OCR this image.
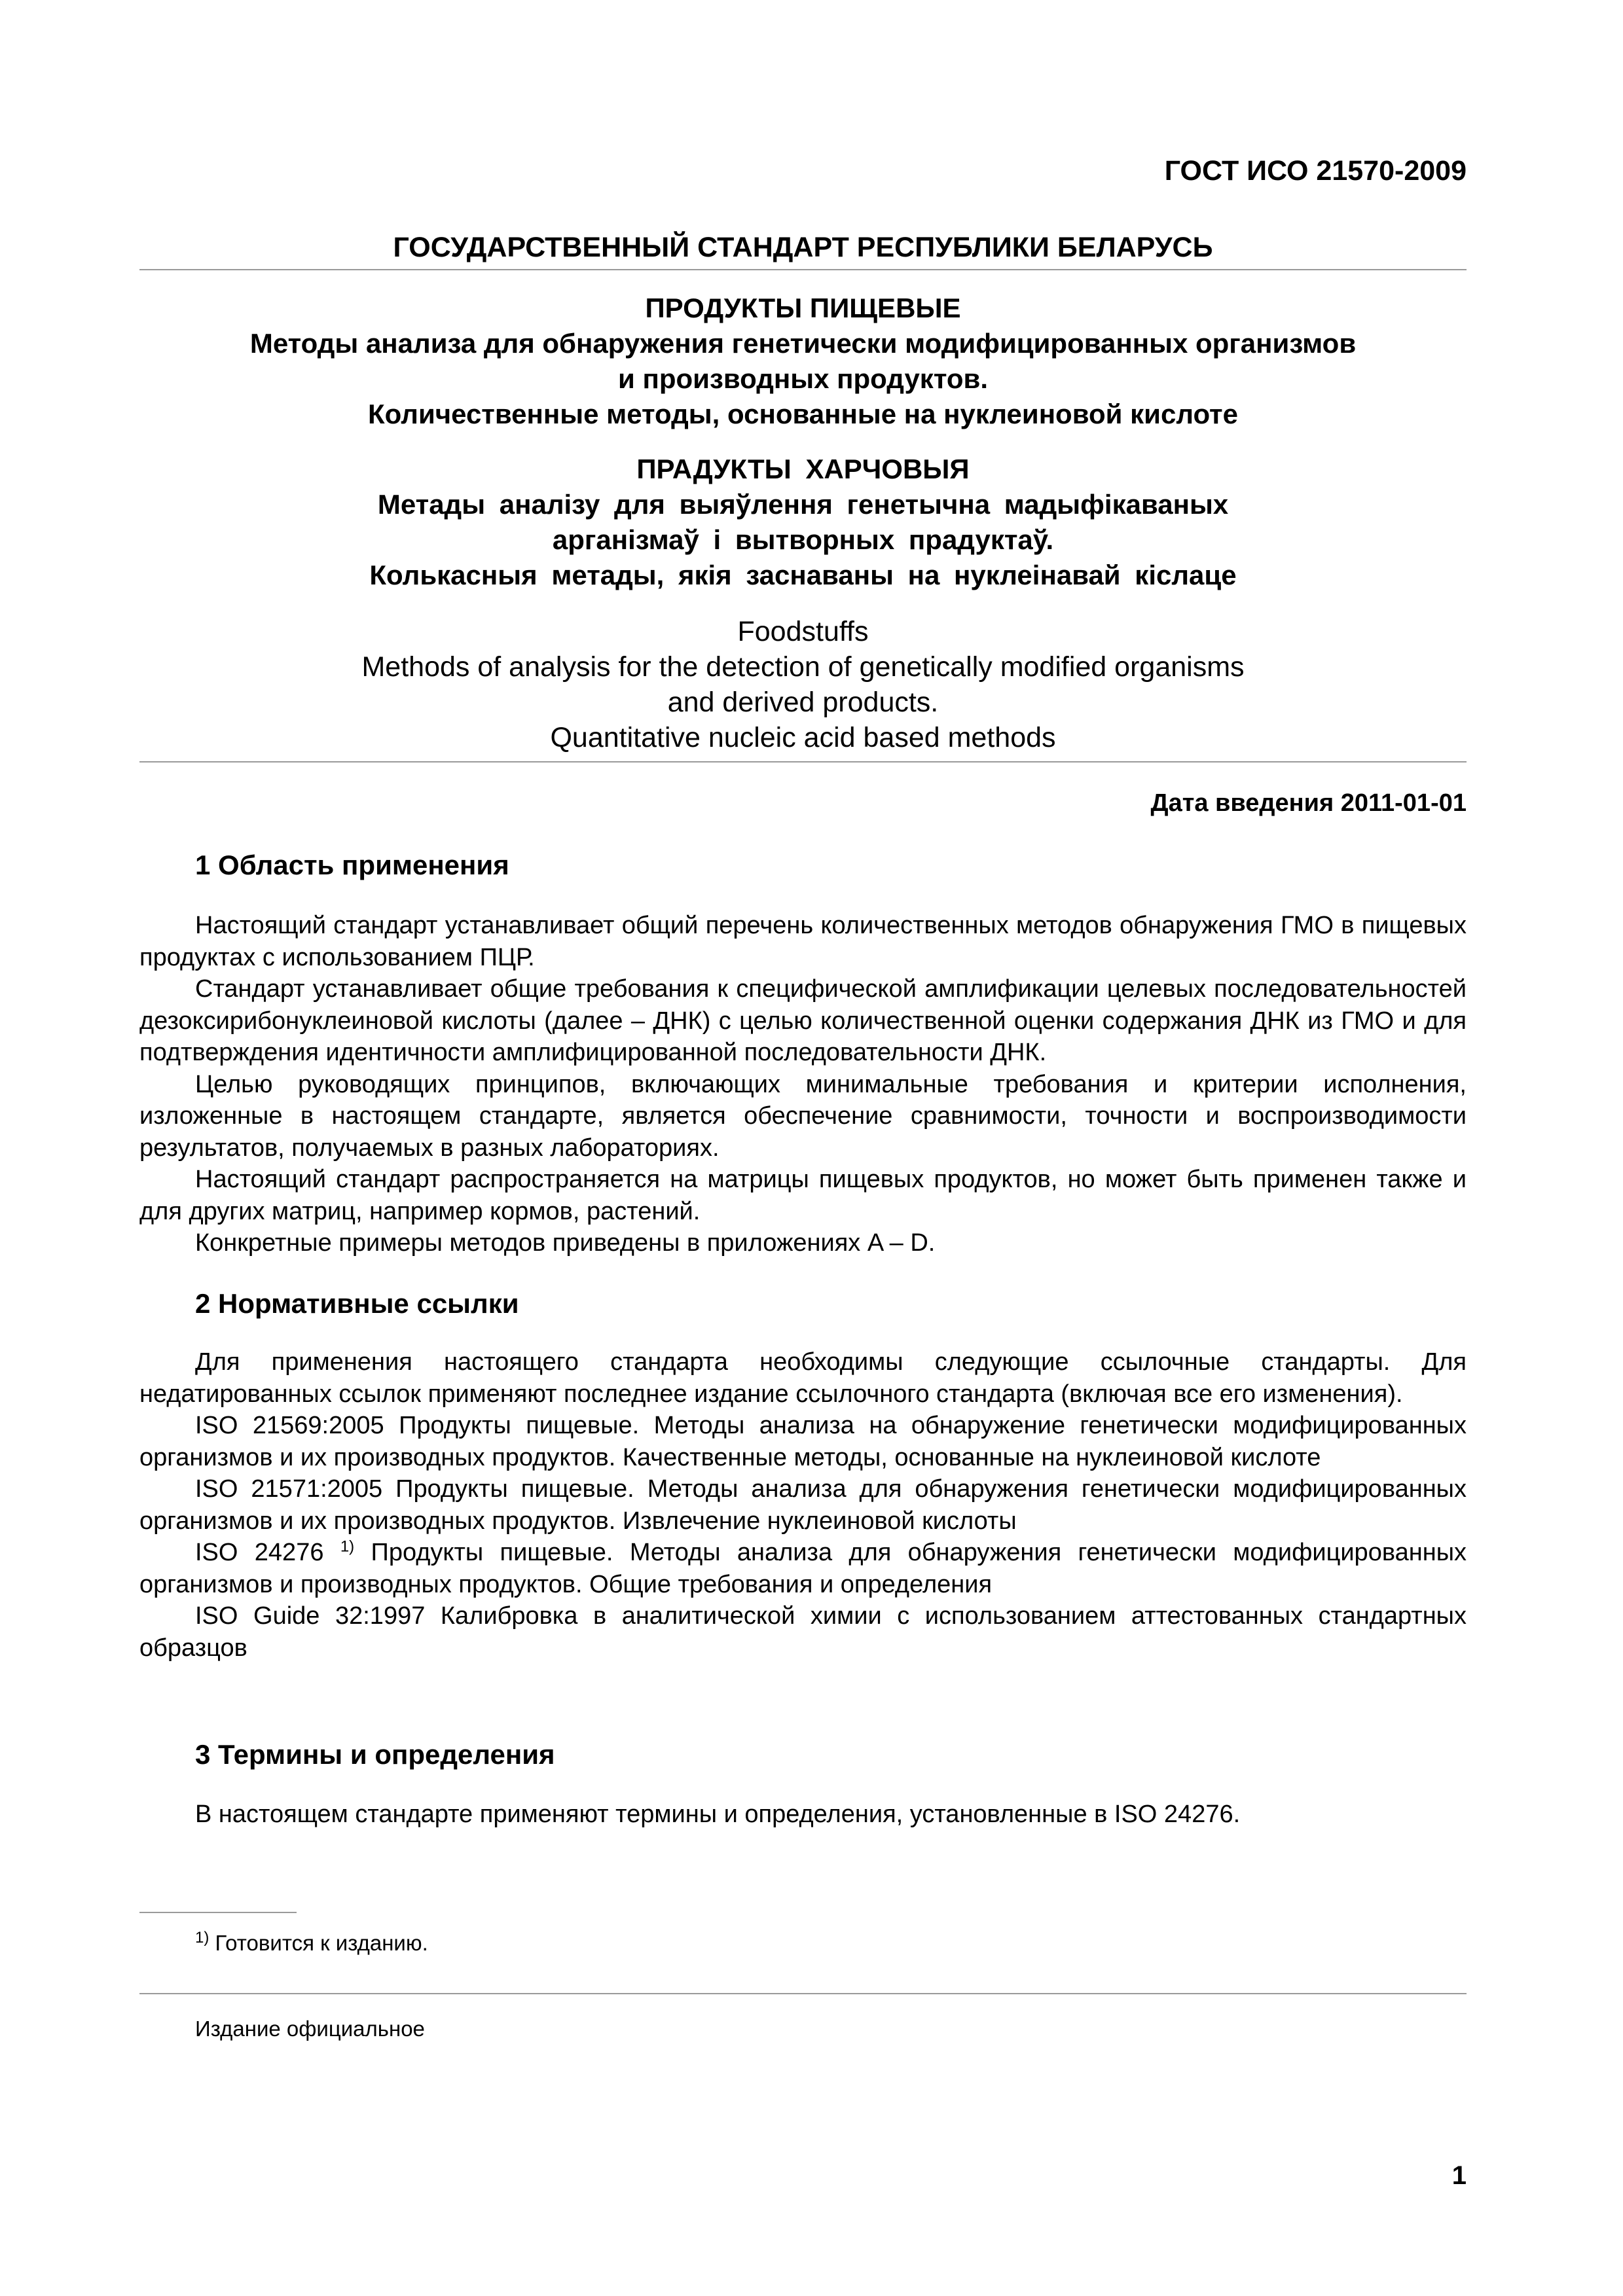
ГОСТ ИСО 21570-2009
ГОСУДАРСТВЕННЫЙ СТАНДАРТ РЕСПУБЛИКИ БЕЛАРУСЬ
ПРОДУКТЫ ПИЩЕВЫЕ
Методы анализа для обнаружения генетически модифицированных организмов
и производных продуктов.
Количественные методы, основанные на нуклеиновой кислоте
ПРАДУКТЫ ХАРЧОВЫЯ
Метады аналізу для выяўлення генетычна мадыфікаваных
арганізмаў і вытворных прадуктаў.
Колькасныя метады, якія заснаваны на нуклеінавай кіслаце
Foodstuffs
Methods of analysis for the detection of genetically modified organisms
and derived products.
Quantitative nucleic acid based methods
Дата введения 2011-01-01
1 Область применения

Настоящий стандарт устанавливает общий перечень количественных методов обнаружения ГМО в пищевых продуктах с использованием ПЦР.

Стандарт устанавливает общие требования к специфической амплификации целевых последовательностей дезоксирибонуклеиновой кислоты (далее – ДНК) с целью количественной оценки содержания ДНК из ГМО и для подтверждения идентичности амплифицированной последовательности ДНК.

Целью руководящих принципов, включающих минимальные требования и критерии исполнения, изложенные в настоящем стандарте, является обеспечение сравнимости, точности и воспроизводимости результатов, получаемых в разных лабораториях.

Настоящий стандарт распространяется на матрицы пищевых продуктов, но может быть применен также и для других матриц, например кормов, растений.

Конкретные примеры методов приведены в приложениях A – D.

2 Нормативные ссылки

Для применения настоящего стандарта необходимы следующие ссылочные стандарты. Для недатированных ссылок применяют последнее издание ссылочного стандарта (включая все его изменения).

ISO 21569:2005 Продукты пищевые. Методы анализа на обнаружение генетически модифицированных организмов и их производных продуктов. Качественные методы, основанные на нуклеиновой кислоте

ISO 21571:2005 Продукты пищевые. Методы анализа для обнаружения генетически модифицированных организмов и их производных продуктов. Извлечение нуклеиновой кислоты

ISO 24276 $^{1)}$ Продукты пищевые. Методы анализа для обнаружения генетически модифицированных организмов и производных продуктов. Общие требования и определения

ISO Guide 32:1997 Калибровка в аналитической химии с использованием аттестованных стандартных образцов

3 Термины и определения

В настоящем стандарте применяют термины и определения, установленные в ISO 24276.

$^{1)}$ Готовится к изданию.
Издание официальное
1
